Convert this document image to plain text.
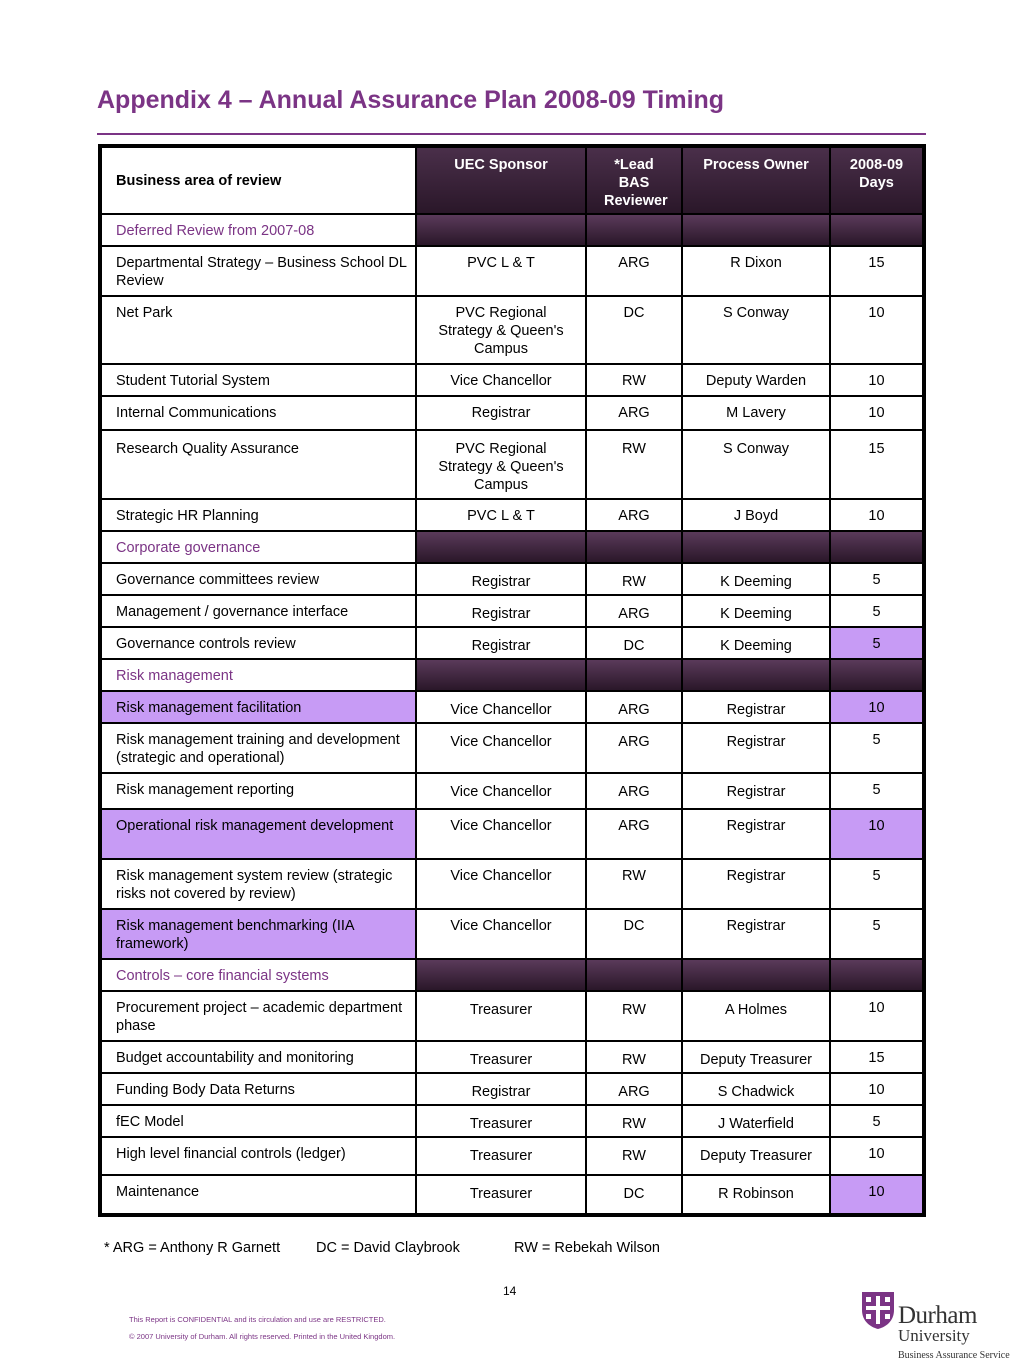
Appendix 4 – Annual Assurance Plan 2008-09 Timing
Business area of review	UEC Sponsor	*Lead BAS Reviewer	Process Owner	2008-09 Days

Deferred Review from 2007-08				
Departmental Strategy – Business School DL Review	PVC L & T	ARG	R Dixon	15
Net Park	PVC Regional Strategy & Queen's Campus	DC	S Conway	10
Student Tutorial System	Vice Chancellor	RW	Deputy Warden	10
Internal Communications	Registrar	ARG	M Lavery	10
Research Quality Assurance	PVC Regional Strategy & Queen's Campus	RW	S Conway	15
Strategic HR Planning	PVC L & T	ARG	J Boyd	10
Corporate governance				
Governance committees review	Registrar	RW	K Deeming	5
Management / governance interface	Registrar	ARG	K Deeming	5
Governance controls review	Registrar	DC	K Deeming	5
Risk management				
Risk management facilitation	Vice Chancellor	ARG	Registrar	10
Risk management training and development (strategic and operational)	Vice Chancellor	ARG	Registrar	5
Risk management reporting	Vice Chancellor	ARG	Registrar	5
Operational risk management development	Vice Chancellor	ARG	Registrar	10
Risk management system review (strategic risks not covered by review)	Vice Chancellor	RW	Registrar	5
Risk management benchmarking (IIA framework)	Vice Chancellor	DC	Registrar	5
Controls – core financial systems				
Procurement project – academic department phase	Treasurer	RW	A Holmes	10
Budget accountability and monitoring	Treasurer	RW	Deputy Treasurer	15
Funding Body Data Returns	Registrar	ARG	S Chadwick	10
fEC Model	Treasurer	RW	J Waterfield	5
High level financial controls (ledger)	Treasurer	RW	Deputy Treasurer	10
Maintenance	Treasurer	DC	R Robinson	10
* ARG = Anthony R Garnett DC = David Claybrook	RW = Rebekah Wilson
14
This Report is CONFIDENTIAL and its circulation and use are RESTRICTED.
© 2007 University of Durham. All rights reserved. Printed in the United Kingdom.
Durham
University
Business Assurance Service
